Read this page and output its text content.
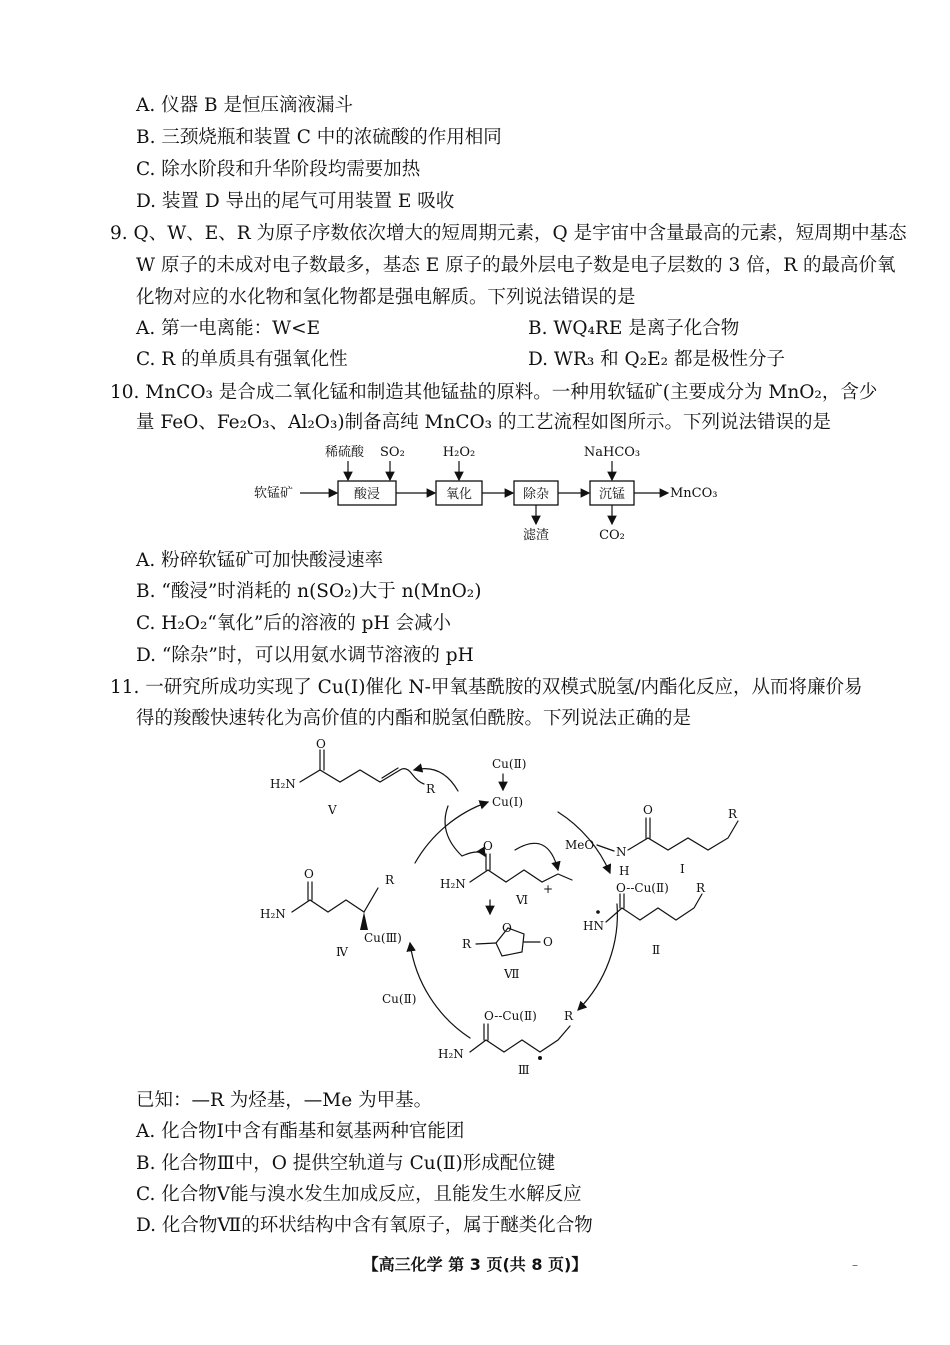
A. 仪器 B 是恒压滴液漏斗
B. 三颈烧瓶和装置 C 中的浓硫酸的作用相同
C. 除水阶段和升华阶段均需要加热
D. 装置 D 导出的尾气可用装置 E 吸收
9. Q、W、E、R 为原子序数依次增大的短周期元素，Q 是宇宙中含量最高的元素，短周期中基态
W 原子的未成对电子数最多，基态 E 原子的最外层电子数是电子层数的 3 倍，R 的最高价氧
化物对应的水化物和氢化物都是强电解质。下列说法错误的是
A. 第一电离能：W<E	B. WQ₄RE 是离子化合物
C. R 的单质具有强氧化性	D. WR₃ 和 Q₂E₂ 都是极性分子
10. MnCO₃ 是合成二氧化锰和制造其他锰盐的原料。一种用软锰矿(主要成分为 MnO₂，含少
量 FeO、Fe₂O₃、Al₂O₃)制备高纯 MnCO₃ 的工艺流程如图所示。下列说法错误的是
软锰矿	酸浸
稀硫酸 SO₂
氧化
H₂O₂
除杂
滤渣
沉锰
NaHCO₃
CO₂
MnCO₃
A. 粉碎软锰矿可加快酸浸速率
B. “酸浸”时消耗的 n(SO₂)大于 n(MnO₂)
C. H₂O₂“氧化”后的溶液的 pH 会减小
D. “除杂”时，可以用氨水调节溶液的 pH
11. 一研究所成功实现了 Cu(Ⅰ)催化 N-甲氧基酰胺的双模式脱氢/内酯化反应，从而将廉价易
得的羧酸快速转化为高价值的内酯和脱氢伯酰胺。下列说法正确的是
Cu(Ⅱ)
Cu(Ⅰ)
H₂N
O
R
Ⅴ
MeO N
H
O	R
Ⅰ
H₂N
O
+
Ⅵ
R
O
O
Ⅶ
O--Cu(Ⅱ) R
HN
Ⅱ
H₂N
O	R
Cu(Ⅲ)
Ⅳ
Cu(Ⅱ)
O--Cu(Ⅱ) R
H₂N
Ⅲ
已知：—R 为烃基，—Me 为甲基。
A. 化合物Ⅰ中含有酯基和氨基两种官能团
B. 化合物Ⅲ中，O 提供空轨道与 Cu(Ⅱ)形成配位键
C. 化合物Ⅴ能与溴水发生加成反应，且能发生水解反应
D. 化合物Ⅶ的环状结构中含有氧原子，属于醚类化合物
【高三化学 第 3 页(共 8 页)】	–
